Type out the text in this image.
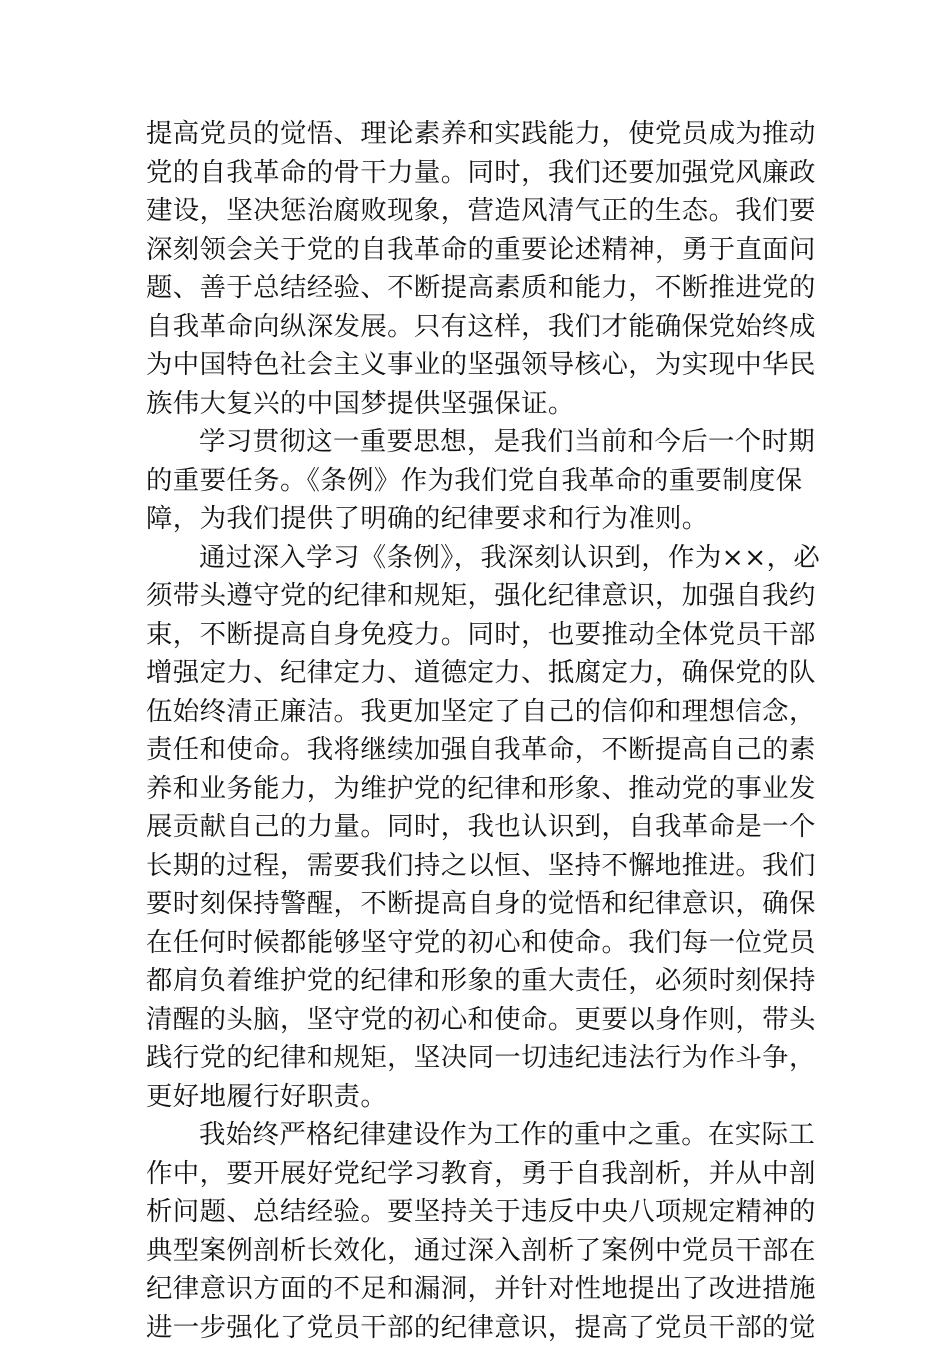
提高党员的觉悟、理论素养和实践能力，使党员成为推动
党的自我革命的骨干力量。同时，我们还要加强党风廉政
建设，坚决惩治腐败现象，营造风清气正的生态。我们要
深刻领会关于党的自我革命的重要论述精神，勇于直面问
题、善于总结经验、不断提高素质和能力，不断推进党的
自我革命向纵深发展。只有这样，我们才能确保党始终成
为中国特色社会主义事业的坚强领导核心，为实现中华民
族伟大复兴的中国梦提供坚强保证。

学习贯彻这一重要思想，是我们当前和今后一个时期
的重要任务。《条例》作为我们党自我革命的重要制度保
障，为我们提供了明确的纪律要求和行为准则。

通过深入学习《条例》，我深刻认识到，作为××，必
须带头遵守党的纪律和规矩，强化纪律意识，加强自我约
束，不断提高自身免疫力。同时，也要推动全体党员干部
增强定力、纪律定力、道德定力、抵腐定力，确保党的队
伍始终清正廉洁。我更加坚定了自己的信仰和理想信念，
责任和使命。我将继续加强自我革命，不断提高自己的素
养和业务能力，为维护党的纪律和形象、推动党的事业发
展贡献自己的力量。同时，我也认识到，自我革命是一个
长期的过程，需要我们持之以恒、坚持不懈地推进。我们
要时刻保持警醒，不断提高自身的觉悟和纪律意识，确保
在任何时候都能够坚守党的初心和使命。我们每一位党员
都肩负着维护党的纪律和形象的重大责任，必须时刻保持
清醒的头脑，坚守党的初心和使命。更要以身作则，带头
践行党的纪律和规矩，坚决同一切违纪违法行为作斗争，
更好地履行好职责。

我始终严格纪律建设作为工作的重中之重。在实际工
作中，要开展好党纪学习教育，勇于自我剖析，并从中剖
析问题、总结经验。要坚持关于违反中央八项规定精神的
典型案例剖析长效化，通过深入剖析了案例中党员干部在
纪律意识方面的不足和漏洞，并针对性地提出了改进措施
进一步强化了党员干部的纪律意识，提高了党员干部的觉
